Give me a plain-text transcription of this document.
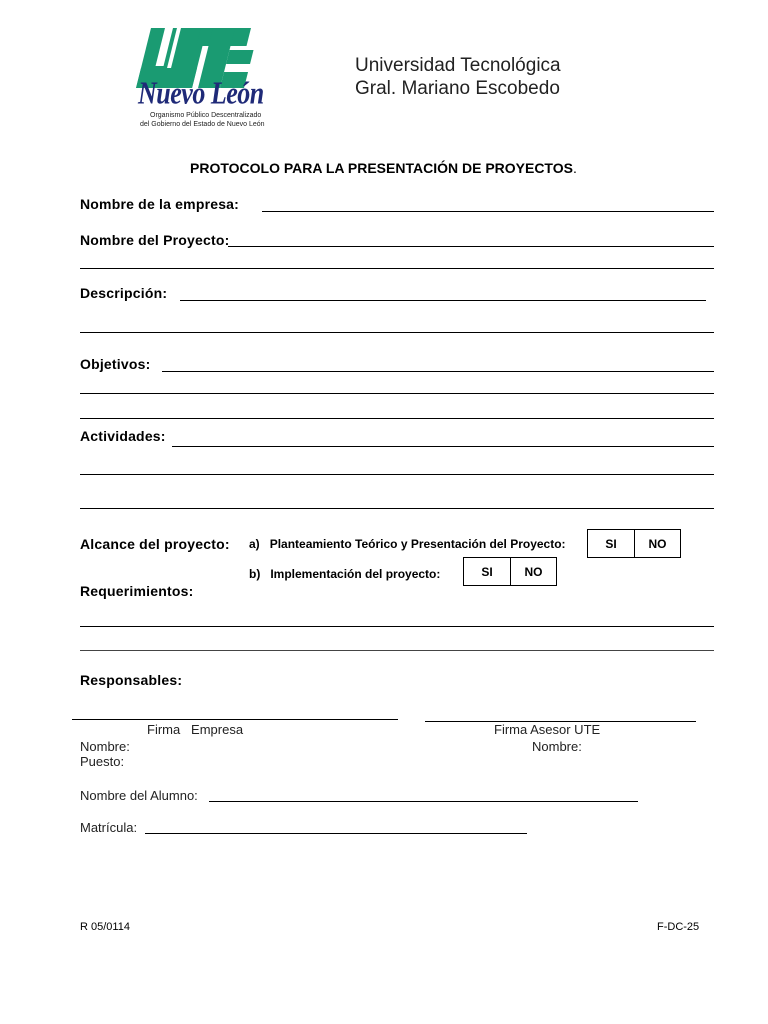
Nuevo León
Organismo Público Descentralizado
del Gobierno del Estado de Nuevo León
Universidad Tecnológica
Gral. Mariano Escobedo
PROTOCOLO PARA LA PRESENTACIÓN DE PROYECTOS.
Nombre de la empresa:
Nombre del Proyecto:
Descripción:
Objetivos:
Actividades:
Alcance del proyecto: a) Planteamiento Teórico y Presentación del Proyecto:	SI	NO
b) Implementación del proyecto:	SI	NO
Requerimientos:
Responsables:
Firma   Empresa	Firma Asesor UTE
Nombre:
Puesto:
Nombre:
Nombre del Alumno:
Matrícula:
R 05/0114	F-DC-25
